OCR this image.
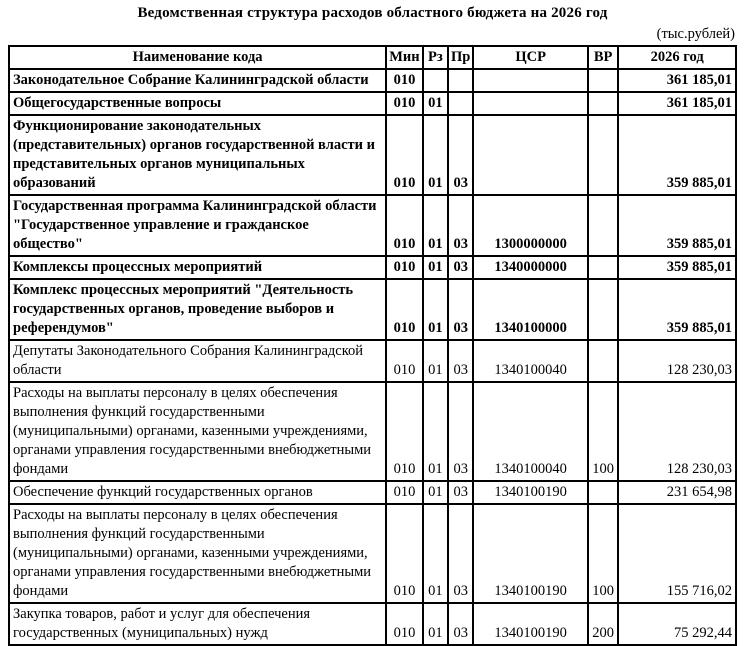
Ведомственная структура расходов областного бюджета на 2026 год
(тыс.рублей)
Наименование кода	Мин	Рз	Пр	ЦСР	ВР	2026 год
Законодательное Собрание Калининградской области	010					361 185,01
Общегосударственные вопросы	010	01				361 185,01
Функционирование законодательных (представительных) органов государственной власти и представительных органов муниципальных образований	010	01	03			359 885,01
Государственная программа Калининградской области "Государственное управление и гражданское общество"	010	01	03	1300000000		359 885,01
Комплексы процессных мероприятий	010	01	03	1340000000		359 885,01
Комплекс процессных мероприятий "Деятельность государственных органов, проведение выборов и референдумов"	010	01	03	1340100000		359 885,01
Депутаты Законодательного Собрания Калининградской области	010	01	03	1340100040		128 230,03
Расходы на выплаты персоналу в целях обеспечения выполнения функций государственными (муниципальными) органами, казенными учреждениями, органами управления государственными внебюджетными фондами	010	01	03	1340100040	100	128 230,03
Обеспечение функций государственных органов	010	01	03	1340100190		231 654,98
Расходы на выплаты персоналу в целях обеспечения выполнения функций государственными (муниципальными) органами, казенными учреждениями, органами управления государственными внебюджетными фондами	010	01	03	1340100190	100	155 716,02
Закупка товаров, работ и услуг для обеспечения государственных (муниципальных) нужд	010	01	03	1340100190	200	75 292,44
